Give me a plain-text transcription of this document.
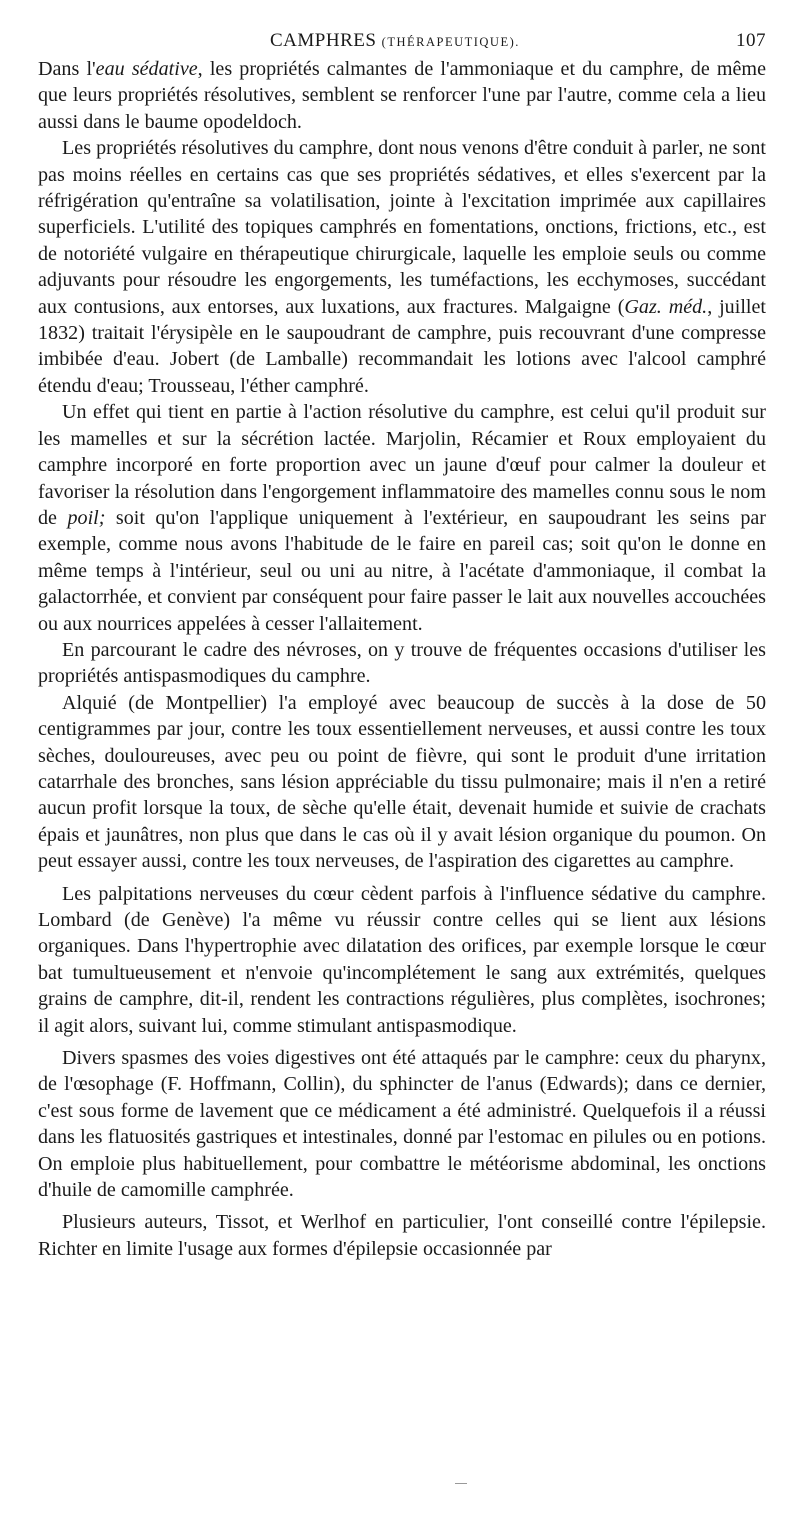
CAMPHRES (THÉRAPEUTIQUE).	107

Dans l'eau sédative, les propriétés calmantes de l'ammoniaque et du camphre, de même que leurs propriétés résolutives, semblent se renforcer l'une par l'autre, comme cela a lieu aussi dans le baume opodeldoch.

Les propriétés résolutives du camphre, dont nous venons d'être conduit à parler, ne sont pas moins réelles en certains cas que ses propriétés sédatives, et elles s'exercent par la réfrigération qu'entraîne sa volatilisation, jointe à l'excitation imprimée aux capillaires superficiels. L'utilité des topiques camphrés en fomentations, onctions, frictions, etc., est de notoriété vulgaire en thérapeutique chirurgicale, laquelle les emploie seuls ou comme adjuvants pour résoudre les engorgements, les tuméfactions, les ecchymoses, succédant aux contusions, aux entorses, aux luxations, aux fractures. Malgaigne (Gaz. méd., juillet 1832) traitait l'érysipèle en le saupoudrant de camphre, puis recouvrant d'une compresse imbibée d'eau. Jobert (de Lamballe) recommandait les lotions avec l'alcool camphré étendu d'eau; Trousseau, l'éther camphré.

Un effet qui tient en partie à l'action résolutive du camphre, est celui qu'il produit sur les mamelles et sur la sécrétion lactée. Marjolin, Récamier et Roux employaient du camphre incorporé en forte proportion avec un jaune d'œuf pour calmer la douleur et favoriser la résolution dans l'engorgement inflammatoire des mamelles connu sous le nom de poil; soit qu'on l'applique uniquement à l'extérieur, en saupoudrant les seins par exemple, comme nous avons l'habitude de le faire en pareil cas; soit qu'on le donne en même temps à l'intérieur, seul ou uni au nitre, à l'acétate d'ammoniaque, il combat la galactorrhée, et convient par conséquent pour faire passer le lait aux nouvelles accouchées ou aux nourrices appelées à cesser l'allaitement.

En parcourant le cadre des névroses, on y trouve de fréquentes occasions d'utiliser les propriétés antispasmodiques du camphre.

Alquié (de Montpellier) l'a employé avec beaucoup de succès à la dose de 50 centigrammes par jour, contre les toux essentiellement nerveuses, et aussi contre les toux sèches, douloureuses, avec peu ou point de fièvre, qui sont le produit d'une irritation catarrhale des bronches, sans lésion appréciable du tissu pulmonaire; mais il n'en a retiré aucun profit lorsque la toux, de sèche qu'elle était, devenait humide et suivie de crachats épais et jaunâtres, non plus que dans le cas où il y avait lésion organique du poumon. On peut essayer aussi, contre les toux nerveuses, de l'aspiration des cigarettes au camphre.

Les palpitations nerveuses du cœur cèdent parfois à l'influence sédative du camphre. Lombard (de Genève) l'a même vu réussir contre celles qui se lient aux lésions organiques. Dans l'hypertrophie avec dilatation des orifices, par exemple lorsque le cœur bat tumultueusement et n'envoie qu'incomplétement le sang aux extrémités, quelques grains de camphre, dit-il, rendent les contractions régulières, plus complètes, isochrones; il agit alors, suivant lui, comme stimulant antispasmodique.

Divers spasmes des voies digestives ont été attaqués par le camphre: ceux du pharynx, de l'œsophage (F. Hoffmann, Collin), du sphincter de l'anus (Edwards); dans ce dernier, c'est sous forme de lavement que ce médicament a été administré. Quelquefois il a réussi dans les flatuosités gastriques et intestinales, donné par l'estomac en pilules ou en potions. On emploie plus habituellement, pour combattre le météorisme abdominal, les onctions d'huile de camomille camphrée.

Plusieurs auteurs, Tissot, et Werlhof en particulier, l'ont conseillé contre l'épilepsie. Richter en limite l'usage aux formes d'épilepsie occasionnée par
